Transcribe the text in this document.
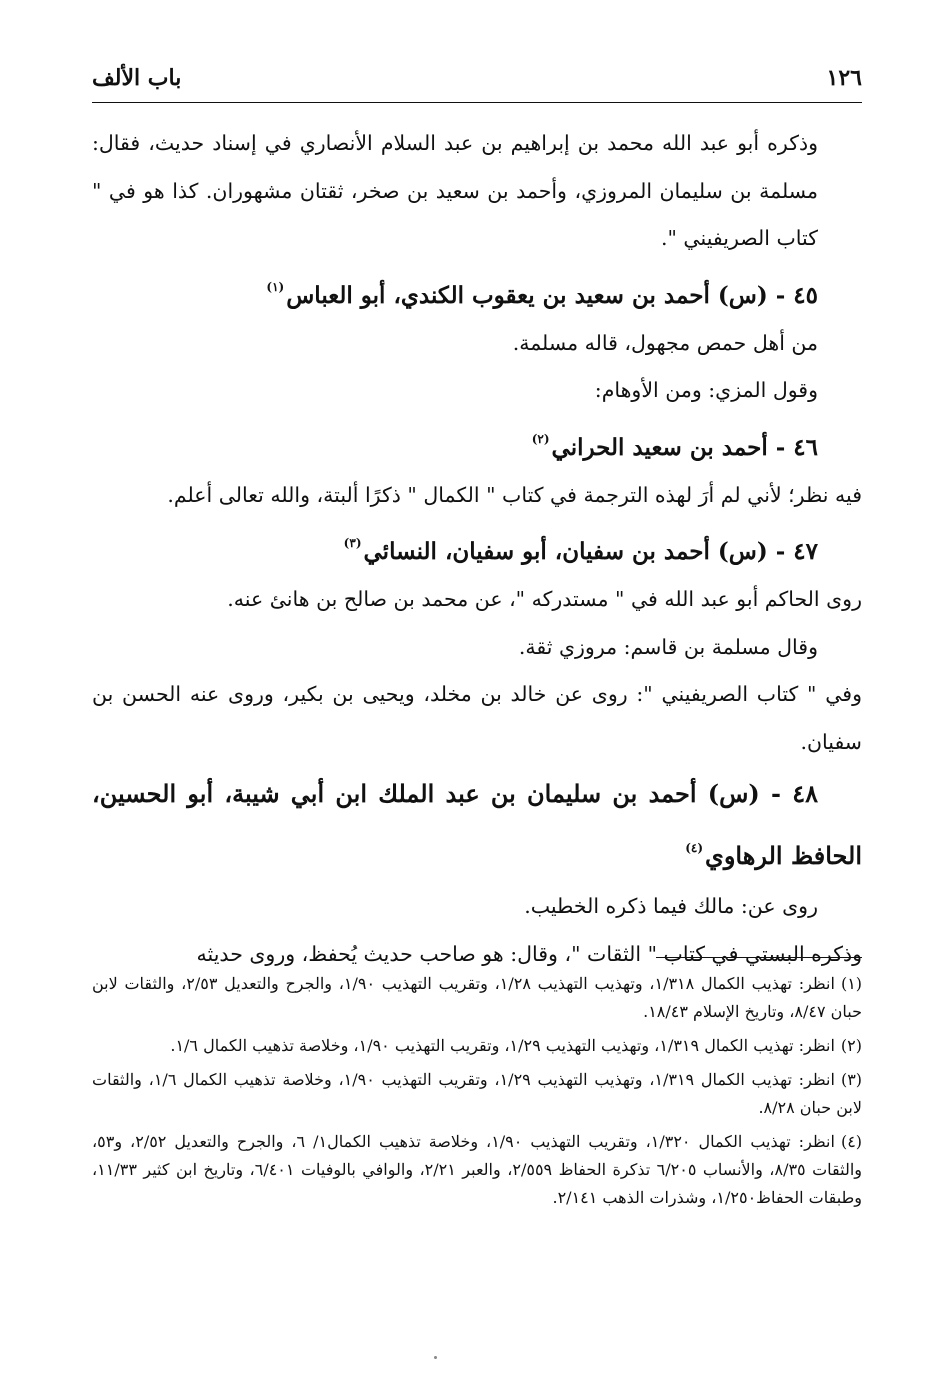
١٢٦
باب الألف

وذكره أبو عبد الله محمد بن إبراهيم بن عبد السلام الأنصاري في إسناد حديث، فقال: مسلمة بن سليمان المروزي، وأحمد بن سعيد بن صخر، ثقتان مشهوران. كذا هو في " كتاب الصريفيني ".

٤٥ - (س) أحمد بن سعيد بن يعقوب الكندي، أبو العباس$^{(١)}$

من أهل حمص مجهول، قاله مسلمة.

وقول المزي: ومن الأوهام:

٤٦ - أحمد بن سعيد الحراني$^{(٢)}$

فيه نظر؛ لأني لم أرَ لهذه الترجمة في كتاب " الكمال " ذكرًا ألبتة، والله تعالى أعلم.

٤٧ - (س) أحمد بن سفيان، أبو سفيان، النسائي$^{(٣)}$

روى الحاكم أبو عبد الله في " مستدركه "، عن محمد بن صالح بن هانئ عنه.

وقال مسلمة بن قاسم: مروزي ثقة.

وفي " كتاب الصريفيني ": روى عن خالد بن مخلد، ويحيى بن بكير، وروى عنه الحسن بن سفيان.

٤٨ - (س) أحمد بن سليمان بن عبد الملك ابن أبي شيبة، أبو الحسين، الحافظ الرهاوي$^{(٤)}$

روى عن: مالك فيما ذكره الخطيب.

وذكره البستي في كتاب " الثقات "، وقال: هو صاحب حديث يُحفظ، وروى حديثه

(١)انظر: تهذيب الكمال ١/٣١٨، وتهذيب التهذيب ١/٢٨، وتقريب التهذيب ١/٩٠، والجرح والتعديل ٢/٥٣، والثقات لابن حبان ٨/٤٧، وتاريخ الإسلام ١٨/٤٣.

(٢)انظر: تهذيب الكمال ١/٣١٩، وتهذيب التهذيب ١/٢٩، وتقريب التهذيب ١/٩٠، وخلاصة تذهيب الكمال ١/٦.

(٣)انظر: تهذيب الكمال ١/٣١٩، وتهذيب التهذيب ١/٢٩، وتقريب التهذيب ١/٩٠، وخلاصة تذهيب الكمال ١/٦، والثقات لابن حبان ٨/٢٨.

(٤)انظر: تهذيب الكمال ١/٣٢٠، وتقريب التهذيب ١/٩٠، وخلاصة تذهيب الكمال١/ ٦، والجرح والتعديل ٢/٥٢، و٥٣، والثقات ٨/٣٥، والأنساب ٦/٢٠٥ تذكرة الحفاظ ٢/٥٥٩، والعبر ٢/٢١، والوافي بالوفيات ٦/٤٠١، وتاريخ ابن كثير ١١/٣٣، وطبقات الحفاظ١/٢٥٠، وشذرات الذهب ٢/١٤١.
